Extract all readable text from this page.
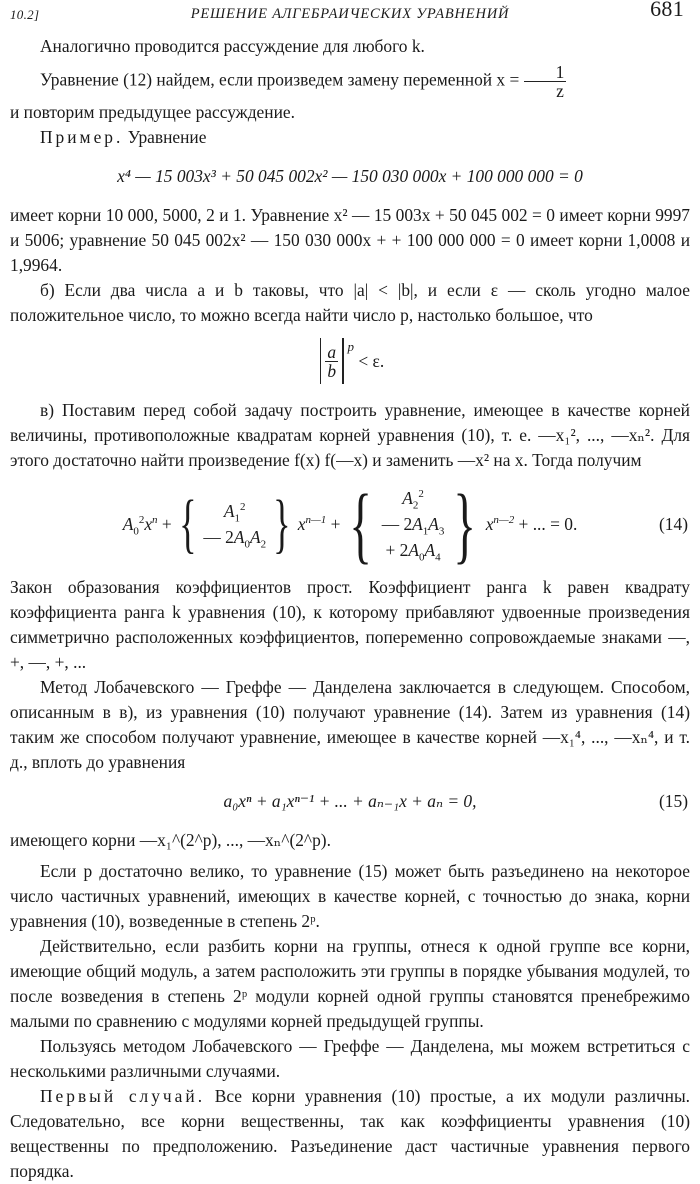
10.2]	РЕШЕНИЕ АЛГЕБРАИЧЕСКИХ УРАВНЕНИЙ	681

Аналогично проводится рассуждение для любого k.

Уравнение (12) найдем, если произведем замену переменной $x = \frac{1}{z}$

и повторим предыдущее рассуждение.

Пример. Уравнение

x⁴ — 15 003x³ + 50 045 002x² — 150 030 000x + 100 000 000 = 0

имеет корни 10 000, 5000, 2 и 1. Уравнение x² — 15 003x + 50 045 002 = 0 имеет корни 9997 и 5006; уравнение 50 045 002x² — 150 030 000x + + 100 000 000 = 0 имеет корни 1,0008 и 1,9964.

б) Если два числа a и b таковы, что |a| < |b|, и если ε — сколь угодно малое положительное число, то можно всегда найти число p, настолько большое, что

$\frac{a}{b} ^p$
< ε.

в) Поставим перед собой задачу построить уравнение, имеющее в качестве корней величины, противоположные квадратам корней уравнения (10), т. е. —x₁², ..., —xₙ². Для этого достаточно найти произведение f(x) f(—x) и заменить —x² на x. Тогда получим

$A_0^2x^n$ + { $A_1^2$
— $2A_0A_2$ } $x^{n—1}$ + { $A_2^2$
— $2A_1A_3$
+ $2A_0A_4$ } $x^{n—2}$ + ... = 0.	(14)

Закон образования коэффициентов прост. Коэффициент ранга k равен квадрату коэффициента ранга k уравнения (10), к которому прибавляют удвоенные произведения симметрично расположенных коэффициентов, попеременно сопровождаемые знаками —, +, —, +, ...

Метод Лобачевского — Греффе — Данделена заключается в следующем. Способом, описанным в в), из уравнения (10) получают уравнение (14). Затем из уравнения (14) таким же способом получают уравнение, имеющее в качестве корней —x₁⁴, ..., —xₙ⁴, и т. д., вплоть до уравнения

a₀xⁿ + a₁xⁿ⁻¹ + ... + aₙ₋₁x + aₙ = 0,	(15)

имеющего корни —x₁^(2^p), ..., —xₙ^(2^p).

Если p достаточно велико, то уравнение (15) может быть разъединено на некоторое число частичных уравнений, имеющих в качестве корней, с точностью до знака, корни уравнения (10), возведенные в степень 2ᵖ.

Действительно, если разбить корни на группы, отнеся к одной группе все корни, имеющие общий модуль, а затем расположить эти группы в порядке убывания модулей, то после возведения в степень 2ᵖ модули корней одной группы становятся пренебрежимо малыми по сравнению с модулями корней предыдущей группы.

Пользуясь методом Лобачевского — Греффе — Данделена, мы можем встретиться с несколькими различными случаями.

Первый случай. Все корни уравнения (10) простые, а их модули различны. Следовательно, все корни вещественны, так как коэффициенты уравнения (10) вещественны по предположению. Разъединение даст частичные уравнения первого порядка.
